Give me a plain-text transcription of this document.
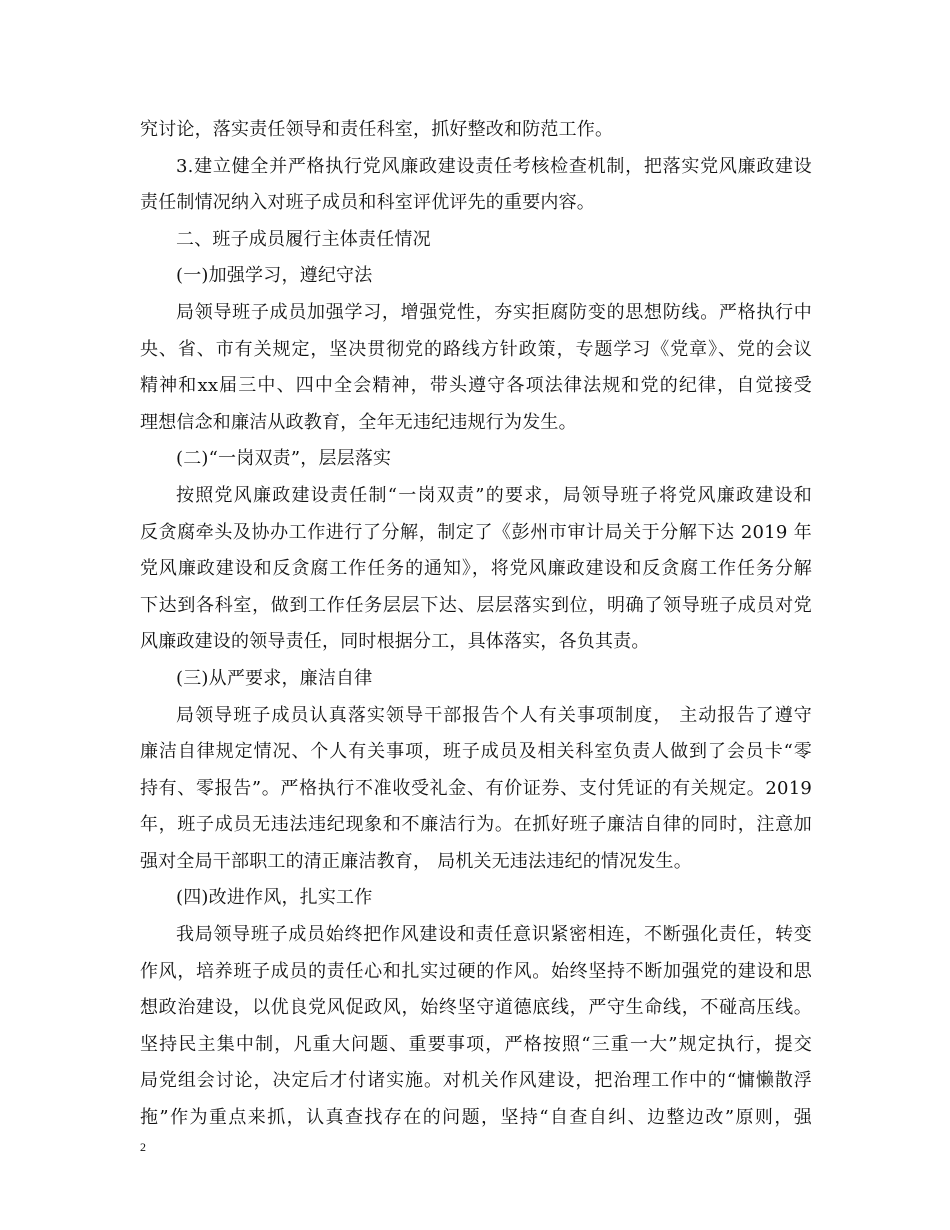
究讨论，落实责任领导和责任科室，抓好整改和防范工作。
3.建立健全并严格执行党风廉政建设责任考核检查机制，把落实党风廉政建设
责任制情况纳入对班子成员和科室评优评先的重要内容。
二、班子成员履行主体责任情况
(一)加强学习，遵纪守法
局领导班子成员加强学习，增强党性，夯实拒腐防变的思想防线。严格执行中
央、省、市有关规定，坚决贯彻党的路线方针政策，专题学习《党章》、党的会议
精神和xx届三中、四中全会精神，带头遵守各项法律法规和党的纪律，自觉接受
理想信念和廉洁从政教育，全年无违纪违规行为发生。
(二)“一岗双责”，层层落实
按照党风廉政建设责任制“一岗双责”的要求，局领导班子将党风廉政建设和
反贪腐牵头及协办工作进行了分解，制定了《彭州市审计局关于分解下达 2019 年
党风廉政建设和反贪腐工作任务的通知》，将党风廉政建设和反贪腐工作任务分解
下达到各科室，做到工作任务层层下达、层层落实到位，明确了领导班子成员对党
风廉政建设的领导责任，同时根据分工，具体落实，各负其责。
(三)从严要求，廉洁自律
局领导班子成员认真落实领导干部报告个人有关事项制度， 主动报告了遵守
廉洁自律规定情况、个人有关事项，班子成员及相关科室负责人做到了会员卡“零
持有、零报告”。严格执行不准收受礼金、有价证券、支付凭证的有关规定。2019
年，班子成员无违法违纪现象和不廉洁行为。在抓好班子廉洁自律的同时，注意加
强对全局干部职工的清正廉洁教育， 局机关无违法违纪的情况发生。
(四)改进作风，扎实工作
我局领导班子成员始终把作风建设和责任意识紧密相连，不断强化责任，转变
作风，培养班子成员的责任心和扎实过硬的作风。始终坚持不断加强党的建设和思
想政治建设，以优良党风促政风，始终坚守道德底线，严守生命线，不碰高压线。
坚持民主集中制，凡重大问题、重要事项，严格按照“三重一大”规定执行，提交
局党组会讨论，决定后才付诸实施。对机关作风建设，把治理工作中的“慵懒散浮
拖”作为重点来抓，认真查找存在的问题，坚持“自查自纠、边整边改”原则，强
2
